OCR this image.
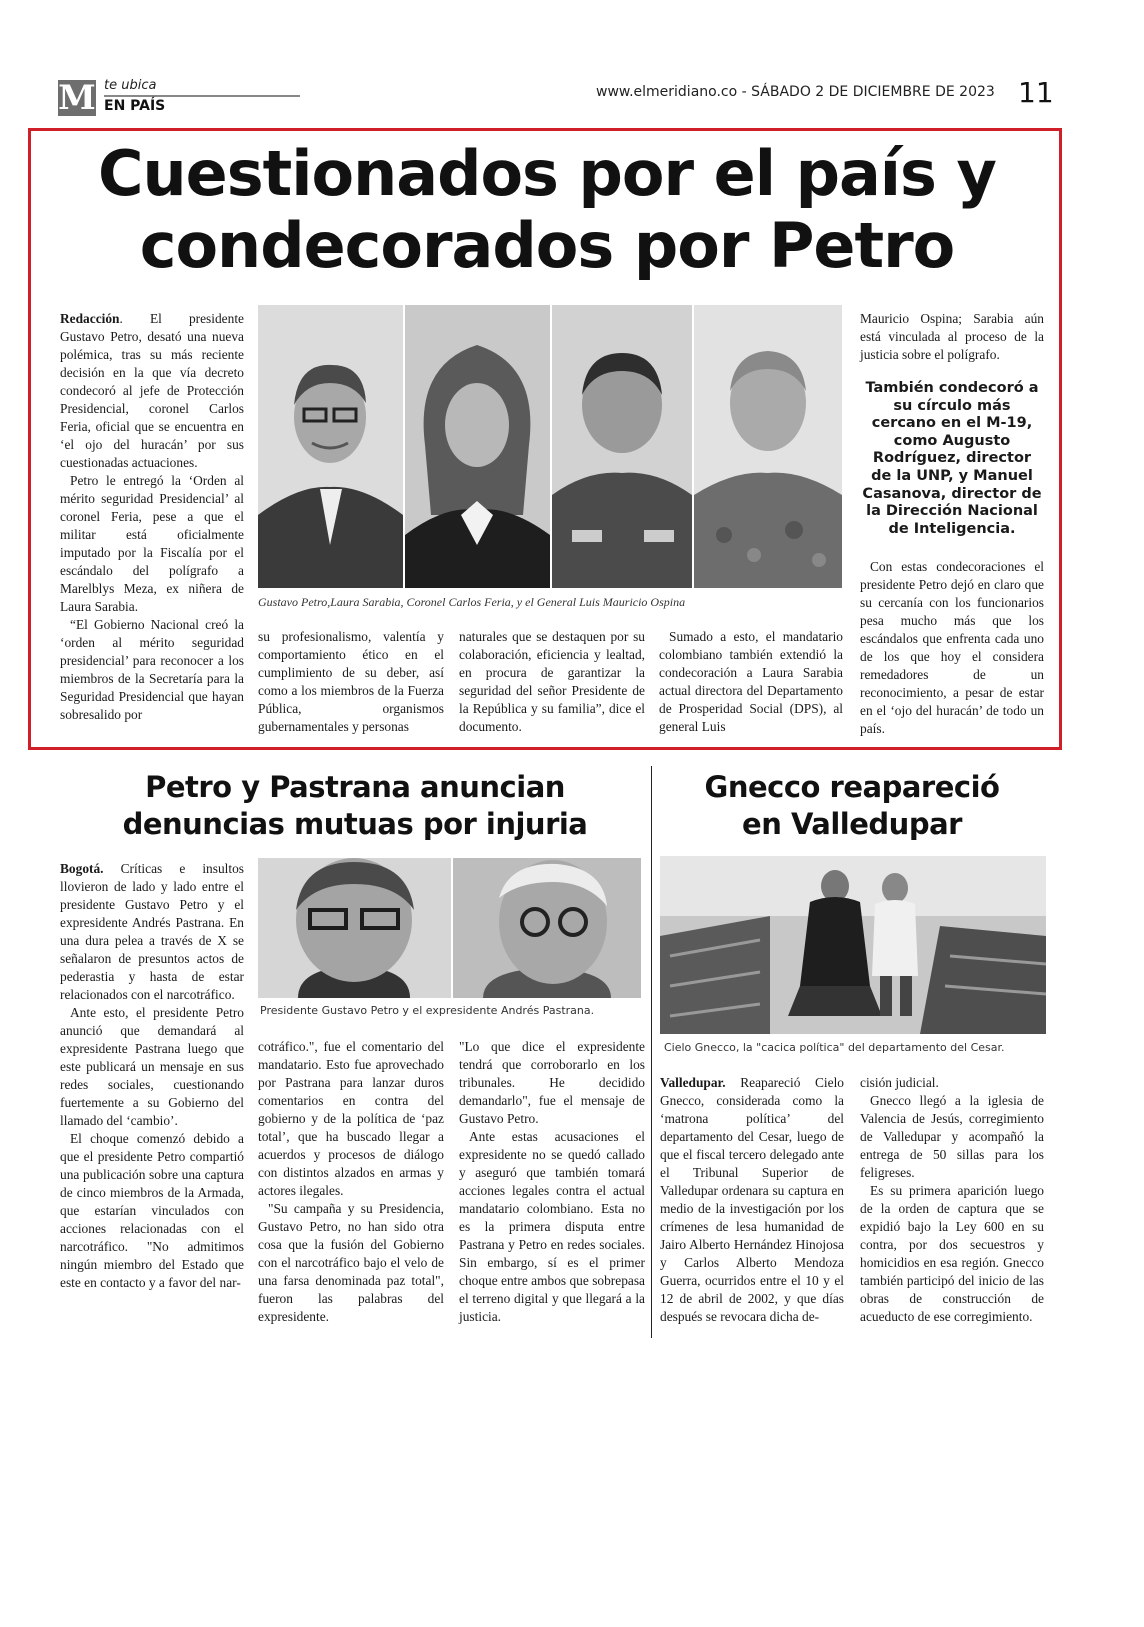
M te ubica
EN PAÍS
www.elmeridiano.co - SÁBADO 2 DE DICIEMBRE DE 2023 11
Cuestionados por el país y
condecorados por Petro

Redacción. El presidente Gustavo Petro, desató una nueva polémica, tras su más reciente decisión en la que vía decreto condecoró al jefe de Protección Presidencial, coronel Carlos Feria, oficial que se encuentra en ‘el ojo del huracán’ por sus cuestionadas actuaciones.

Petro le entregó la ‘Orden al mérito seguridad Presidencial’ al coronel Feria, pese a que el militar está oficialmente imputado por la Fiscalía por el escándalo del polígrafo a Marelblys Meza, ex niñera de Laura Sarabia.

“El Gobierno Nacional creó la ‘orden al mérito seguridad presidencial’ para reconocer a los miembros de la Secretaría para la Seguridad Presidencial que hayan sobresalido por

Gustavo Petro,Laura Sarabia, Coronel Carlos Feria, y el General Luis Mauricio Ospina

su profesionalismo, valentía y comportamiento ético en el cumplimiento de su deber, así como a los miembros de la Fuerza Pública, organismos gubernamentales y personas

naturales que se destaquen por su colaboración, eficiencia y lealtad, en procura de garantizar la seguridad del señor Presidente de la República y su familia”, dice el documento.

Sumado a esto, el mandatario colombiano también extendió la condecoración a Laura Sarabia actual directora del Departamento de Prosperidad Social (DPS), al general Luis

Mauricio Ospina; Sarabia aún está vinculada al proceso de la justicia sobre el polígrafo.

También condecoró a su círculo más cercano en el M-19, como Augusto Rodríguez, director de la UNP, y Manuel Casanova, director de la Dirección Nacional de Inteligencia.

Con estas condecoraciones el presidente Petro dejó en claro que su cercanía con los funcionarios pesa mucho más que los escándalos que enfrenta cada uno de los que hoy el considera remedadores de un reconocimiento, a pesar de estar en el ‘ojo del huracán’ de todo un país.

Petro y Pastrana anuncian
denuncias mutuas por injuria

Bogotá. Críticas e insultos llovieron de lado y lado entre el presidente Gustavo Petro y el expresidente Andrés Pastrana. En una dura pelea a través de X se señalaron de presuntos actos de pederastia y hasta de estar relacionados con el narcotráfico.

Ante esto, el presidente Petro anunció que demandará al expresidente Pastrana luego que este publicará un mensaje en sus redes sociales, cuestionando fuertemente a su Gobierno del llamado del ‘cambio’.

El choque comenzó debido a que el presidente Petro compartió una publicación sobre una captura de cinco miembros de la Armada, que estarían vinculados con acciones relacionadas con el narcotráfico. "No admitimos ningún miembro del Estado que este en contacto y a favor del nar-

Presidente Gustavo Petro y el expresidente Andrés Pastrana.

cotráfico.", fue el comentario del mandatario. Esto fue aprovechado por Pastrana para lanzar duros comentarios en contra del gobierno y de la política de ‘paz total’, que ha buscado llegar a acuerdos y procesos de diálogo con distintos alzados en armas y actores ilegales.

"Su campaña y su Presidencia, Gustavo Petro, no han sido otra cosa que la fusión del Gobierno con el narcotráfico bajo el velo de una farsa denominada paz total", fueron las palabras del expresidente.

"Lo que dice el expresidente tendrá que corroborarlo en los tribunales. He decidido demandarlo", fue el mensaje de Gustavo Petro.

Ante estas acusaciones el expresidente no se quedó callado y aseguró que también tomará acciones legales contra el actual mandatario colombiano. Esta no es la primera disputa entre Pastrana y Petro en redes sociales. Sin embargo, sí es el primer choque entre ambos que sobrepasa el terreno digital y que llegará a la justicia.

Gnecco reapareció
en Valledupar
Cielo Gnecco, la "cacica política" del departamento del Cesar.

Valledupar. Reapareció Cielo Gnecco, considerada como la ‘matrona política’ del departamento del Cesar, luego de que el fiscal tercero delegado ante el Tribunal Superior de Valledupar ordenara su captura en medio de la investigación por los crímenes de lesa humanidad de Jairo Alberto Hernández Hinojosa y Carlos Alberto Mendoza Guerra, ocurridos entre el 10 y el 12 de abril de 2002, y que días después se revocara dicha de-

cisión judicial.

Gnecco llegó a la iglesia de Valencia de Jesús, corregimiento de Valledupar y acompañó la entrega de 50 sillas para los feligreses.

Es su primera aparición luego de la orden de captura que se expidió bajo la Ley 600 en su contra, por dos secuestros y homicidios en esa región. Gnecco también participó del inicio de las obras de construcción de acueducto de ese corregimiento.
